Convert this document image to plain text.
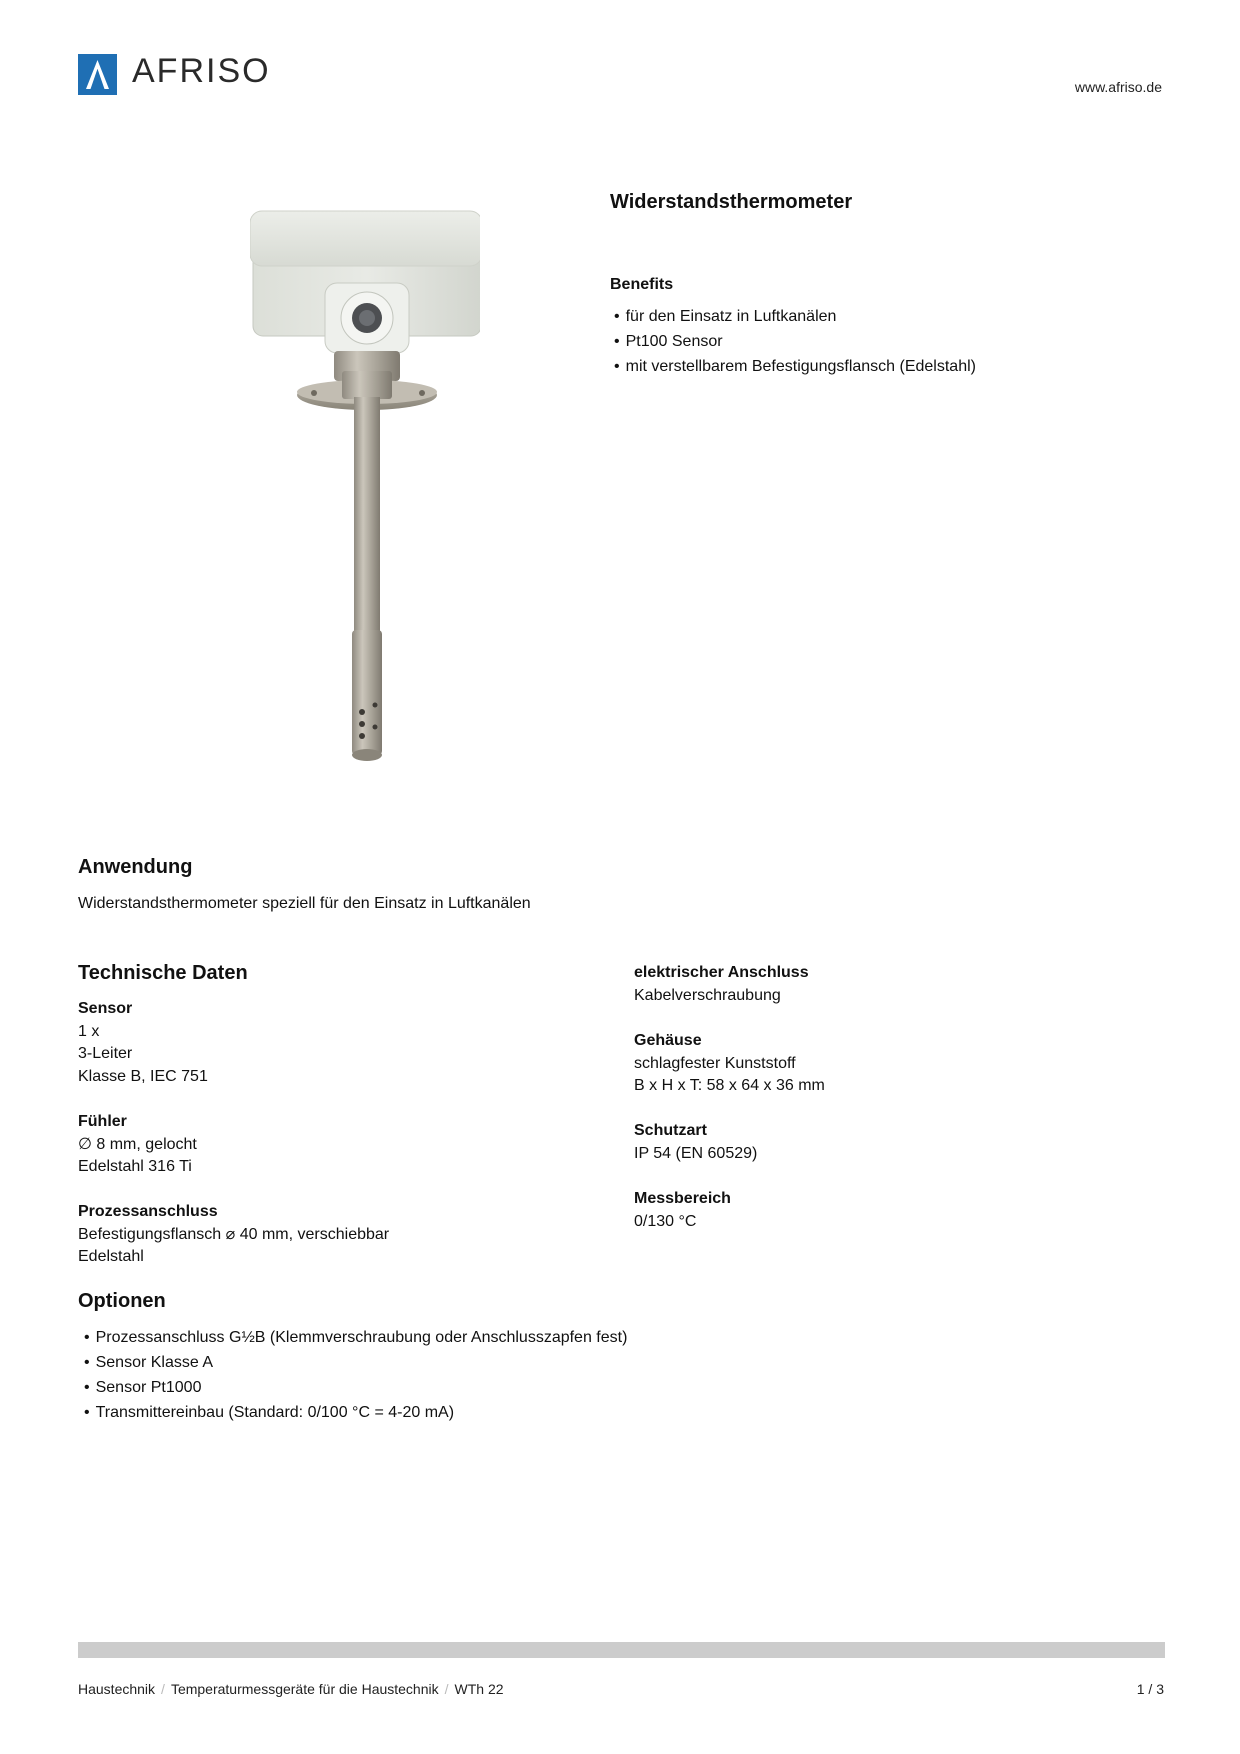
AFRISO	www.afriso.de
Widerstandsthermometer
Benefits
• für den Einsatz in Luftkanälen
• Pt100 Sensor
• mit verstellbarem Befestigungsflansch (Edelstahl)
Anwendung
Widerstandsthermometer speziell für den Einsatz in Luftkanälen
Technische Daten
Sensor
1 x
3-Leiter
Klasse B, IEC 751
Fühler
∅ 8 mm, gelocht
Edelstahl 316 Ti
Prozessanschluss
Befestigungsflansch ⌀ 40 mm, verschiebbar
Edelstahl
elektrischer Anschluss
Kabelverschraubung
Gehäuse
schlagfester Kunststoff
B x H x T: 58 x 64 x 36 mm
Schutzart
IP 54 (EN 60529)
Messbereich
0/130 °C
Optionen
• Prozessanschluss G½B (Klemmverschraubung oder Anschlusszapfen fest)
• Sensor Klasse A
• Sensor Pt1000
• Transmittereinbau (Standard: 0/100 °C = 4-20 mA)
Haustechnik / Temperaturmessgeräte für die Haustechnik / WTh 22	1 / 3
